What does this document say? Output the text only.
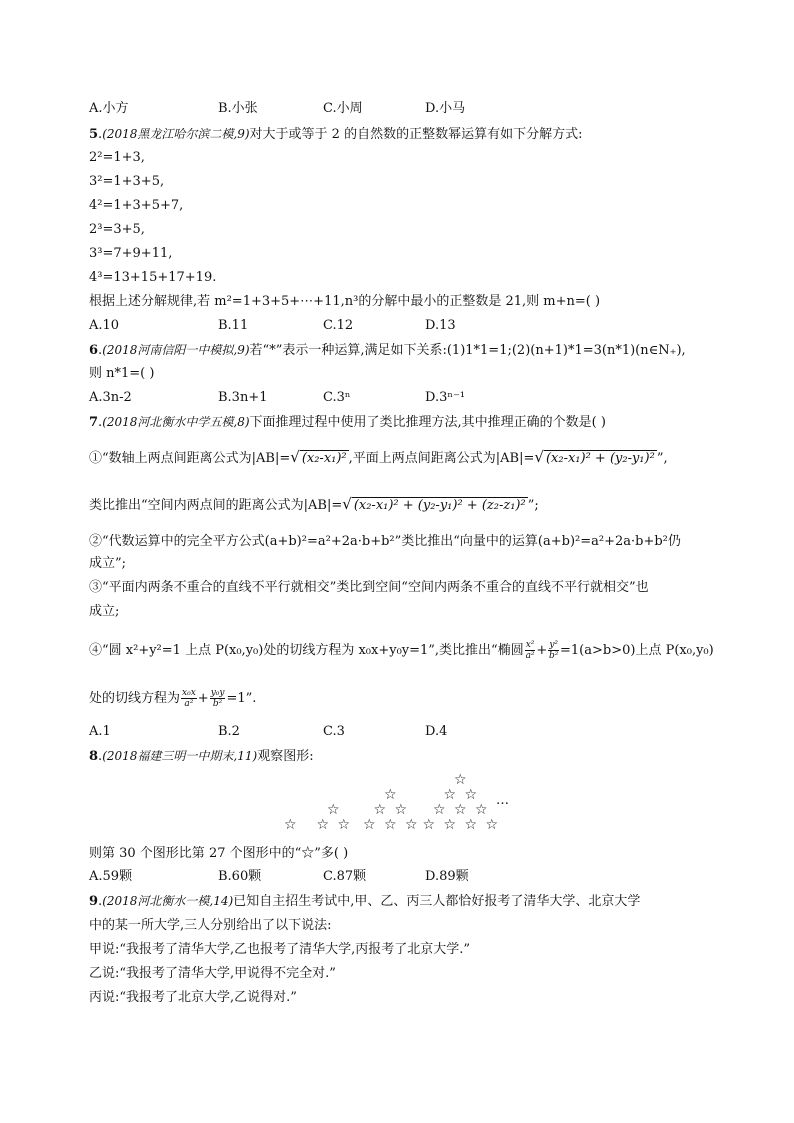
A.小方	B.小张	C.小周	D.小马
5.(2018黑龙江哈尔滨二模,9)对大于或等于 2 的自然数的正整数幂运算有如下分解方式:
2²=1+3,
3²=1+3+5,
4²=1+3+5+7,
2³=3+5,
3³=7+9+11,
4³=13+15+17+19.
根据上述分解规律,若 m²=1+3+5+⋯+11,n³的分解中最小的正整数是 21,则 m+n=( )
A.10	B.11	C.12	D.13
6.(2018河南信阳一中模拟,9)若“*”表示一种运算,满足如下关系:(1)1*1=1;(2)(n+1)*1=3(n*1)(n∈N₊),
则 n*1=( )
A.3n-2	B.3n+1	C.3ⁿ	D.3ⁿ⁻¹
7.(2018河北衡水中学五模,8)下面推理过程中使用了类比推理方法,其中推理正确的个数是( )
①“数轴上两点间距离公式为|AB|=√ (x₂-x₁)² ,平面上两点间距离公式为|AB|=√ (x₂-x₁)² + (y₂-y₁)² ”,
类比推出“空间内两点间的距离公式为|AB|=√ (x₂-x₁)² + (y₂-y₁)² + (z₂-z₁)² ”;
②“代数运算中的完全平方公式(a+b)²=a²+2a·b+b²”类比推出“向量中的运算(a+b)²=a²+2a·b+b²仍
成立”;
③“平面内两条不重合的直线不平行就相交”类比到空间“空间内两条不重合的直线不平行就相交”也
成立;
④“圆 x²+y²=1 上点 P(x₀,y₀)处的切线方程为 x₀x+y₀y=1”,类比推出“椭圆 $\frac{\text{x²}}{\text{a²}} + \frac{\text{y²}}{\text{b²}} =1(a>b>0)$上点 P(x₀,y₀)
处的切线方程为 $\frac{\text{x₀x}}{\text{a²}} + \frac{\text{y₀y}}{\text{b²}} =1$”.
A.1	B.2	C.3	D.4
8.(2018福建三明一中期末,11)观察图形:
☆
☆
☆ ☆
☆
☆ ☆
☆ ☆ ☆
☆
☆ ☆
☆ ☆ ☆
☆ ☆ ☆ ☆
…
则第 30 个图形比第 27 个图形中的“☆”多( )
A.59颗	B.60颗	C.87颗	D.89颗
9.(2018河北衡水一模,14)已知自主招生考试中,甲、乙、丙三人都恰好报考了清华大学、北京大学
中的某一所大学,三人分别给出了以下说法:
甲说:“我报考了清华大学,乙也报考了清华大学,丙报考了北京大学.”
乙说:“我报考了清华大学,甲说得不完全对.”
丙说:“我报考了北京大学,乙说得对.”
